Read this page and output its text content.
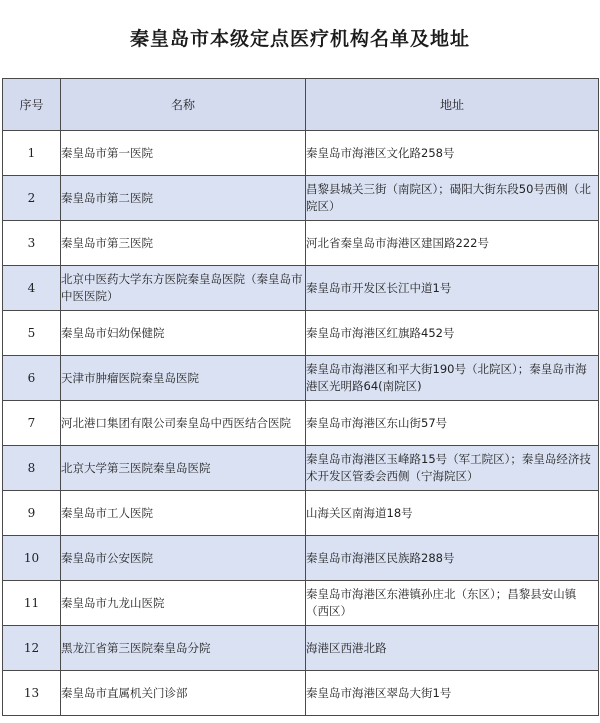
秦皇岛市本级定点医疗机构名单及地址
序号	名称	地址
1	秦皇岛市第一医院	秦皇岛市海港区文化路258号
2	秦皇岛市第二医院	昌黎县城关三街（南院区）；碣阳大街东段50号西侧（北院区）
3	秦皇岛市第三医院	河北省秦皇岛市海港区建国路222号
4	北京中医药大学东方医院秦皇岛医院（秦皇岛市中医医院）	秦皇岛市开发区长江中道1号
5	秦皇岛市妇幼保健院	秦皇岛市海港区红旗路452号
6	天津市肿瘤医院秦皇岛医院	秦皇岛市海港区和平大街190号（北院区）；秦皇岛市海港区光明路64(南院区)
7	河北港口集团有限公司秦皇岛中西医结合医院	秦皇岛市海港区东山街57号
8	北京大学第三医院秦皇岛医院	秦皇岛市海港区玉峰路15号（军工院区）；秦皇岛经济技术开发区管委会西侧（宁海院区）
9	秦皇岛市工人医院	山海关区南海道18号
10	秦皇岛市公安医院	秦皇岛市海港区民族路288号
11	秦皇岛市九龙山医院	秦皇岛市海港区东港镇孙庄北（东区）；昌黎县安山镇（西区）
12	黑龙江省第三医院秦皇岛分院	海港区西港北路
13	秦皇岛市直属机关门诊部	秦皇岛市海港区翠岛大街1号
